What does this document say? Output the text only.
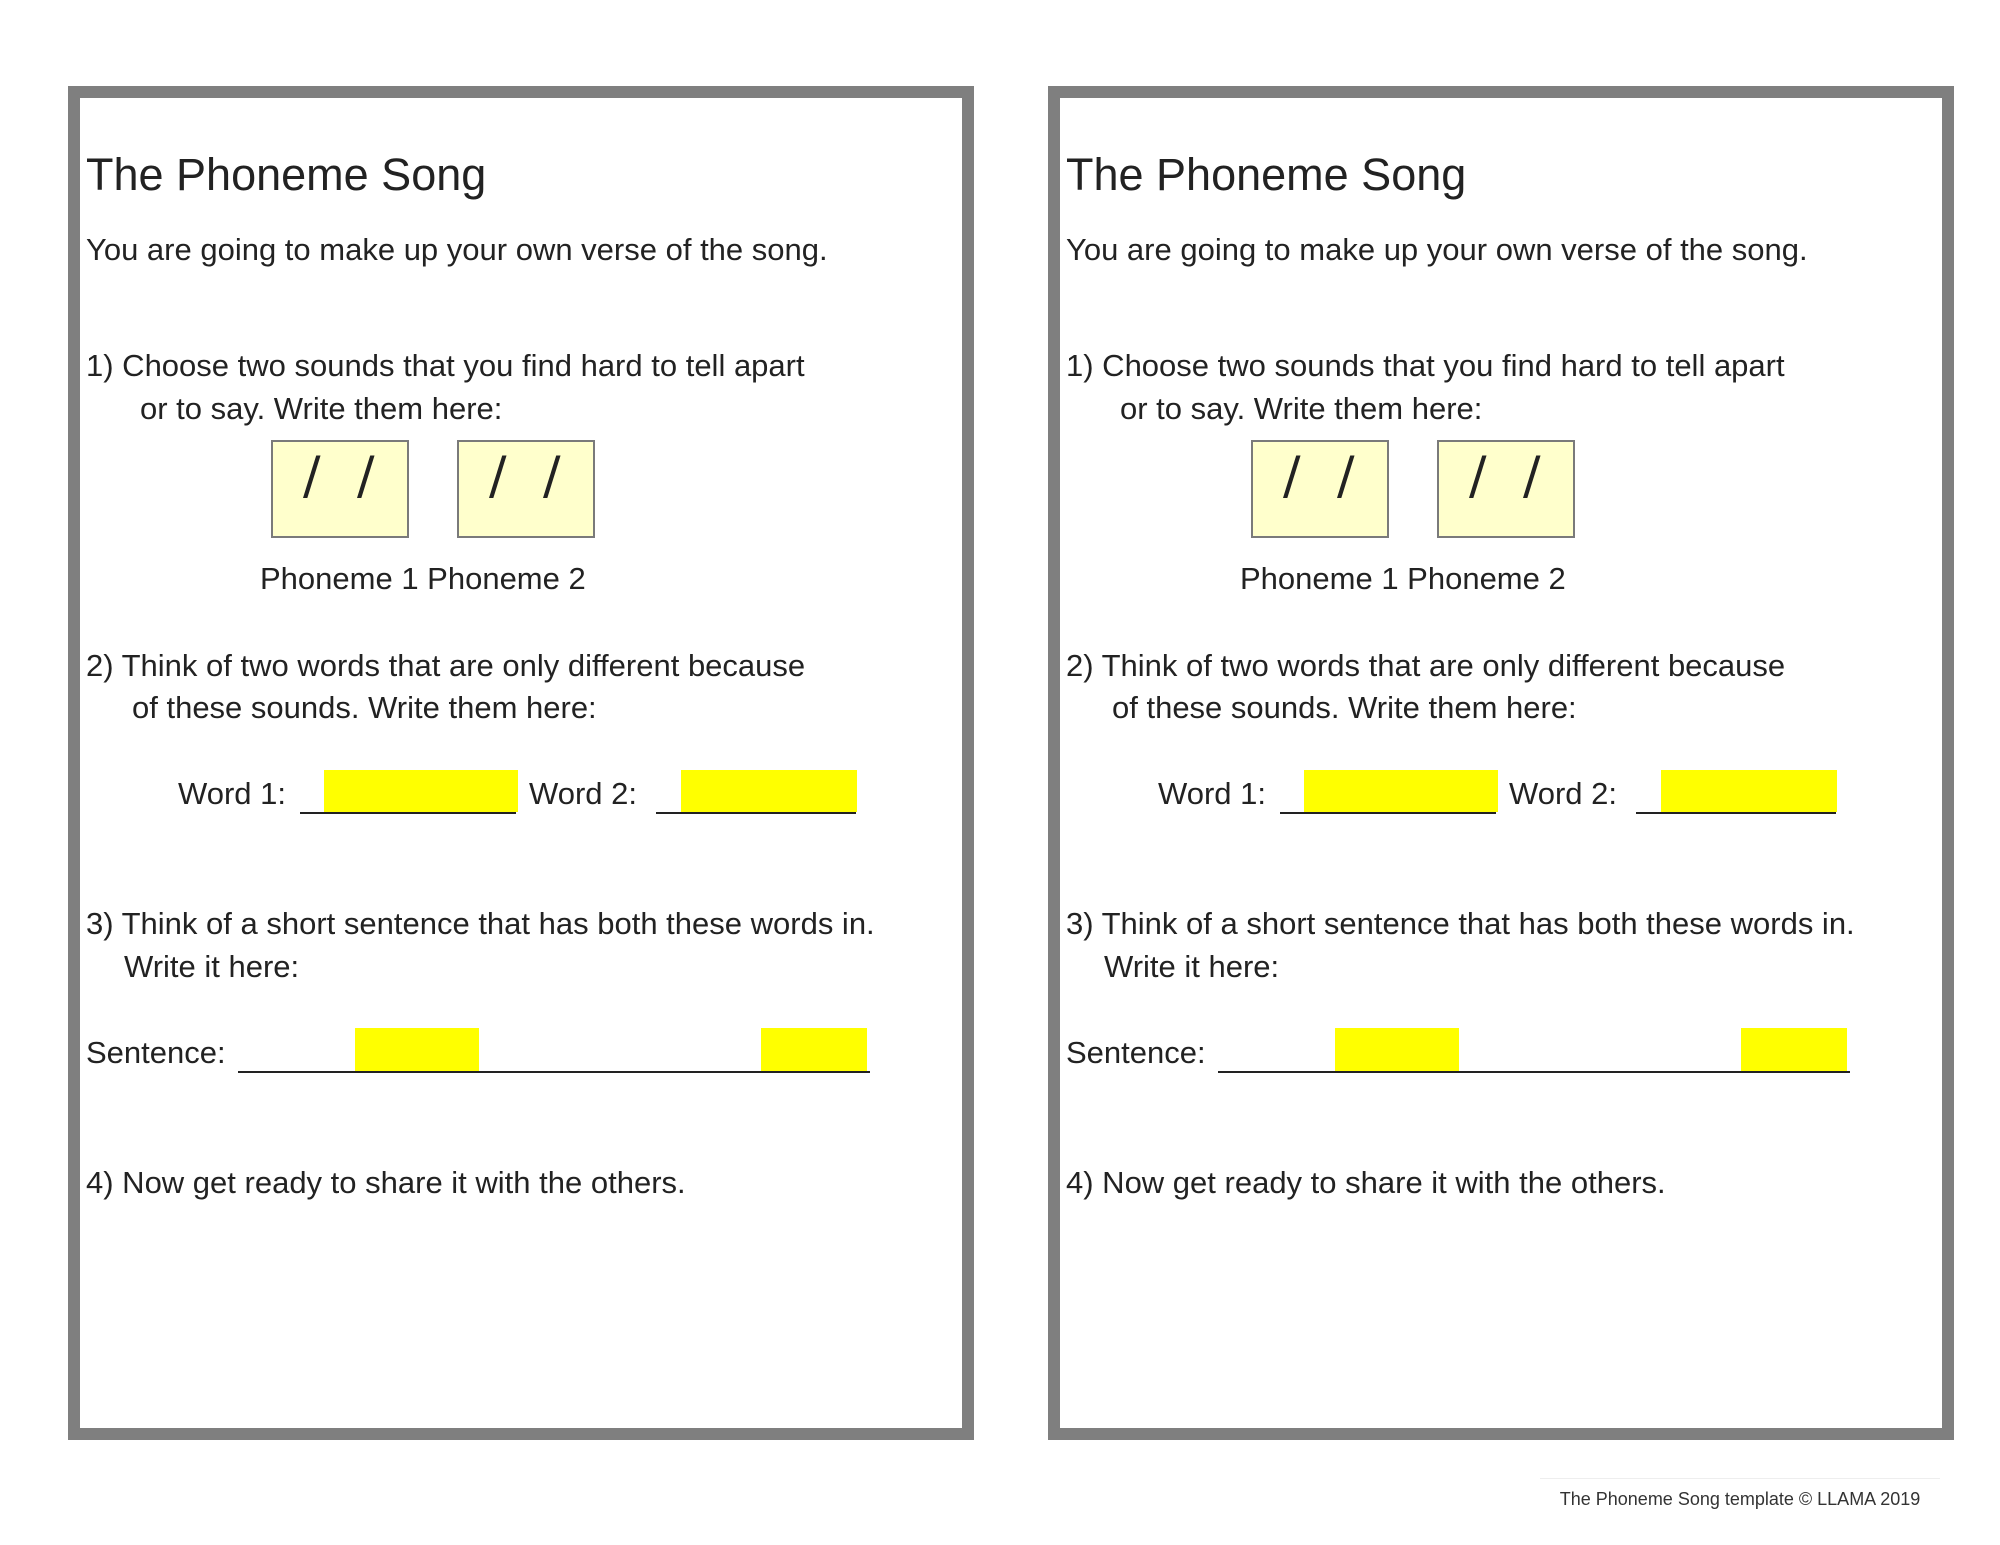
The Phoneme Song
You are going to make up your own verse of the song.
1) Choose two sounds that you find hard to tell apart
or to say. Write them here:
/ / / /
Phoneme 1 Phoneme 2
2) Think of two words that are only different because
of these sounds. Write them here:
Word 1:	Word 2:
3) Think of a short sentence that has both these words in.
Write it here:
Sentence:
4) Now get ready to share it with the others.
The Phoneme Song
You are going to make up your own verse of the song.
1) Choose two sounds that you find hard to tell apart
or to say. Write them here:
/ / / /
Phoneme 1 Phoneme 2
2) Think of two words that are only different because
of these sounds. Write them here:
Word 1:	Word 2:
3) Think of a short sentence that has both these words in.
Write it here:
Sentence:
4) Now get ready to share it with the others.
The Phoneme Song template © LLAMA 2019
